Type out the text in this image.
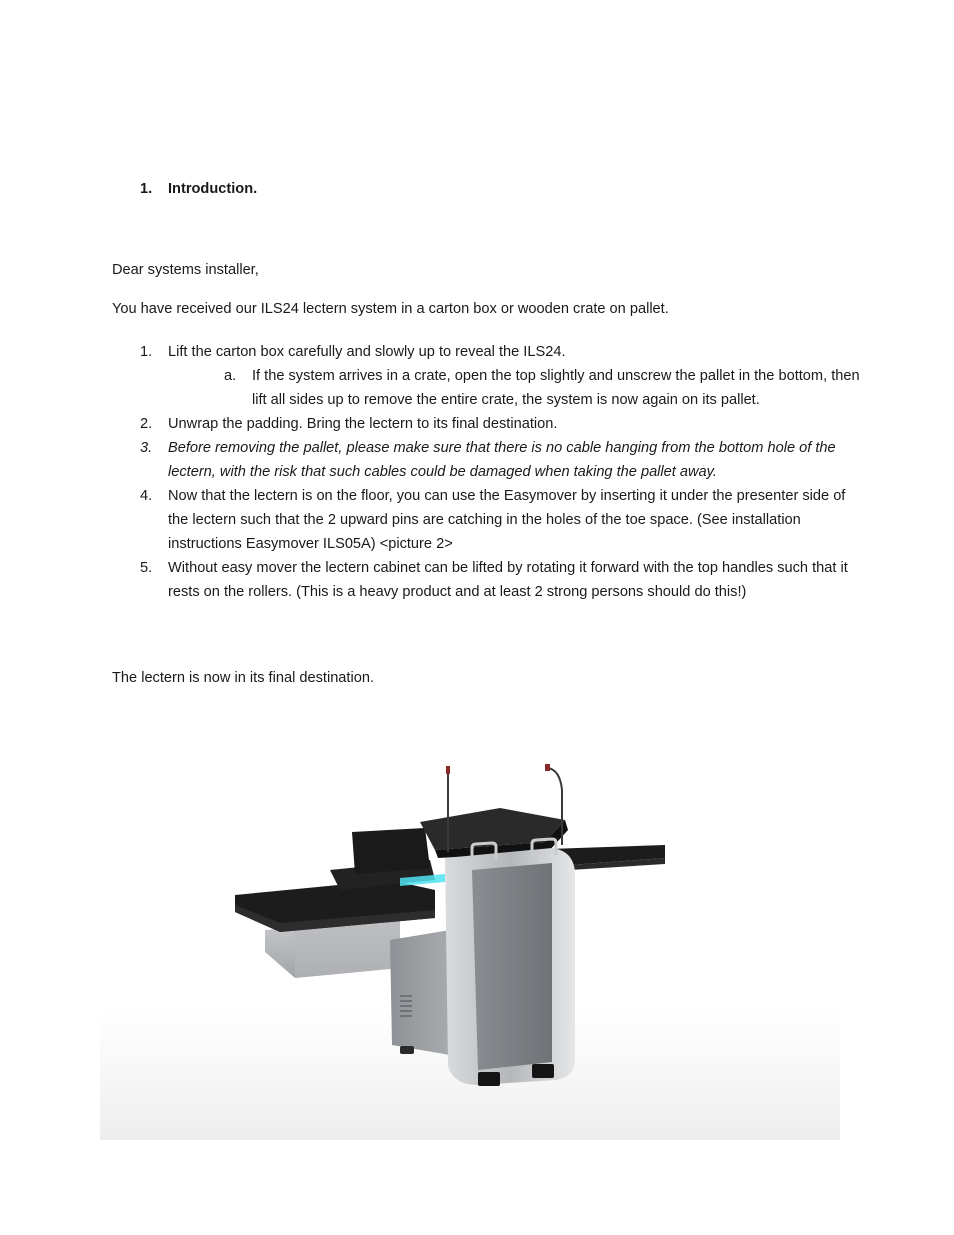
1. Introduction.
Dear systems installer,
You have received our ILS24 lectern system in a carton box or wooden crate on pallet.
1. Lift the carton box carefully and slowly up to reveal the ILS24.
a. If the system arrives in a crate, open the top slightly and unscrew the pallet in the bottom, then lift all sides up to remove the entire crate, the system is now again on its pallet.
2. Unwrap the padding. Bring the lectern to its final destination.
3. Before removing the pallet, please make sure that there is no cable hanging from the bottom hole of the lectern, with the risk that such cables could be damaged when taking the pallet away.
4. Now that the lectern is on the floor, you can use the Easymover by inserting it under the presenter side of the lectern such that the 2 upward pins are catching in the holes of the toe space. (See installation instructions Easymover ILS05A) <picture 2>
5. Without easy mover the lectern cabinet can be lifted by rotating it forward with the top handles such that it rests on the rollers. (This is a heavy product and at least 2 strong persons should do this!)
The lectern is now in its final destination.
